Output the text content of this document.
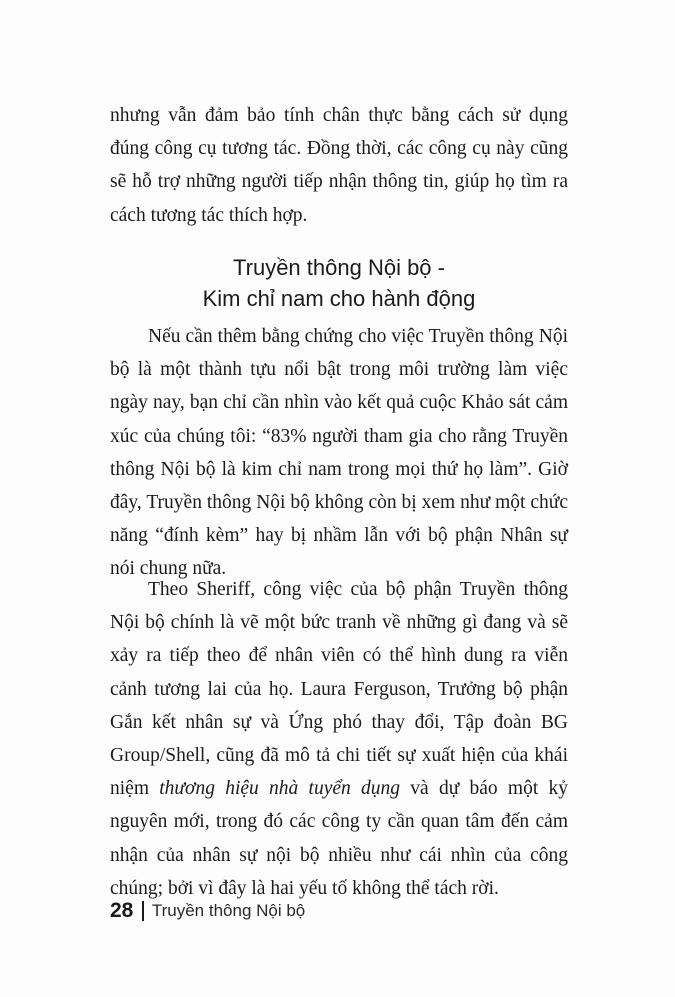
nhưng vẫn đảm bảo tính chân thực bằng cách sử dụng đúng công cụ tương tác. Đồng thời, các công cụ này cũng sẽ hỗ trợ những người tiếp nhận thông tin, giúp họ tìm ra cách tương tác thích hợp.

Truyền thông Nội bộ -
Kim chỉ nam cho hành động

Nếu cần thêm bằng chứng cho việc Truyền thông Nội bộ là một thành tựu nổi bật trong môi trường làm việc ngày nay, bạn chỉ cần nhìn vào kết quả cuộc Khảo sát cảm xúc của chúng tôi: “83% người tham gia cho rằng Truyền thông Nội bộ là kim chỉ nam trong mọi thứ họ làm”. Giờ đây, Truyền thông Nội bộ không còn bị xem như một chức năng “đính kèm” hay bị nhầm lẫn với bộ phận Nhân sự nói chung nữa.

Theo Sheriff, công việc của bộ phận Truyền thông Nội bộ chính là vẽ một bức tranh về những gì đang và sẽ xảy ra tiếp theo để nhân viên có thể hình dung ra viễn cảnh tương lai của họ. Laura Ferguson, Trưởng bộ phận Gắn kết nhân sự và Ứng phó thay đổi, Tập đoàn BG Group/Shell, cũng đã mô tả chi tiết sự xuất hiện của khái niệm thương hiệu nhà tuyển dụng và dự báo một kỷ nguyên mới, trong đó các công ty cần quan tâm đến cảm nhận của nhân sự nội bộ nhiều như cái nhìn của công chúng; bởi vì đây là hai yếu tố không thể tách rời.

28 Truyền thông Nội bộ
